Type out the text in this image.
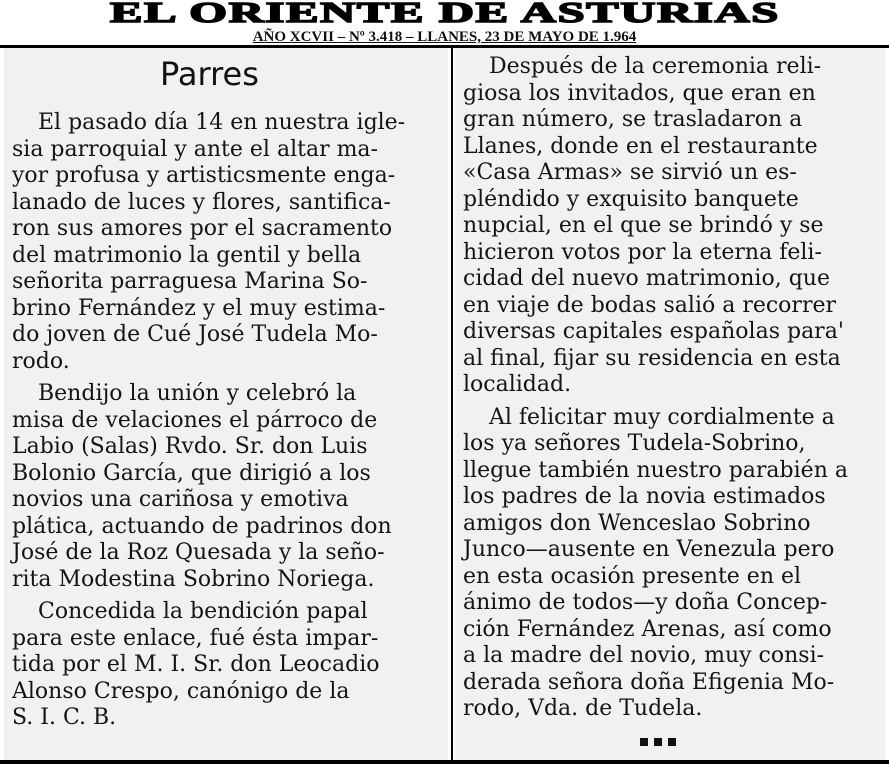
EL ORIENTE DE ASTURIAS
AÑO XCVII – Nº 3.418 – LLANES, 23 DE MAYO DE 1.964
Parres
El pasado día 14 en nuestra igle-
sia parroquial y ante el altar ma-
yor profusa y artisticsmente enga-
lanado de luces y flores, santifica-
ron sus amores por el sacramento
del matrimonio la gentil y bella
señorita parraguesa Marina So-
brino Fernández y el muy estima-
do joven de Cué José Tudela Mo-
rodo.
Bendijo la unión y celebró la
misa de velaciones el párroco de
Labio (Salas) Rvdo. Sr. don Luis
Bolonio García, que dirigió a los
novios una cariñosa y emotiva
plática, actuando de padrinos don
José de la Roz Quesada y la seño-
rita Modestina Sobrino Noriega.
Concedida la bendición papal
para este enlace, fué ésta impar-
tida por el M. I. Sr. don Leocadio
Alonso Crespo, canónigo de la
S. I. C. B.
Después de la ceremonia reli-
giosa los invitados, que eran en
gran número, se trasladaron a
Llanes, donde en el restaurante
«Casa Armas» se sirvió un es-
pléndido y exquisito banquete
nupcial, en el que se brindó y se
hicieron votos por la eterna feli-
cidad del nuevo matrimonio, que
en viaje de bodas salió a recorrer
diversas capitales españolas para'
al final, fijar su residencia en esta
localidad.
Al felicitar muy cordialmente a
los ya señores Tudela-Sobrino,
llegue también nuestro parabién a
los padres de la novia estimados
amigos don Wenceslao Sobrino
Junco—ausente en Venezula pero
en esta ocasión presente en el
ánimo de todos—y doña Concep-
ción Fernández Arenas, así como
a la madre del novio, muy consi-
derada señora doña Efigenia Mo-
rodo, Vda. de Tudela.
